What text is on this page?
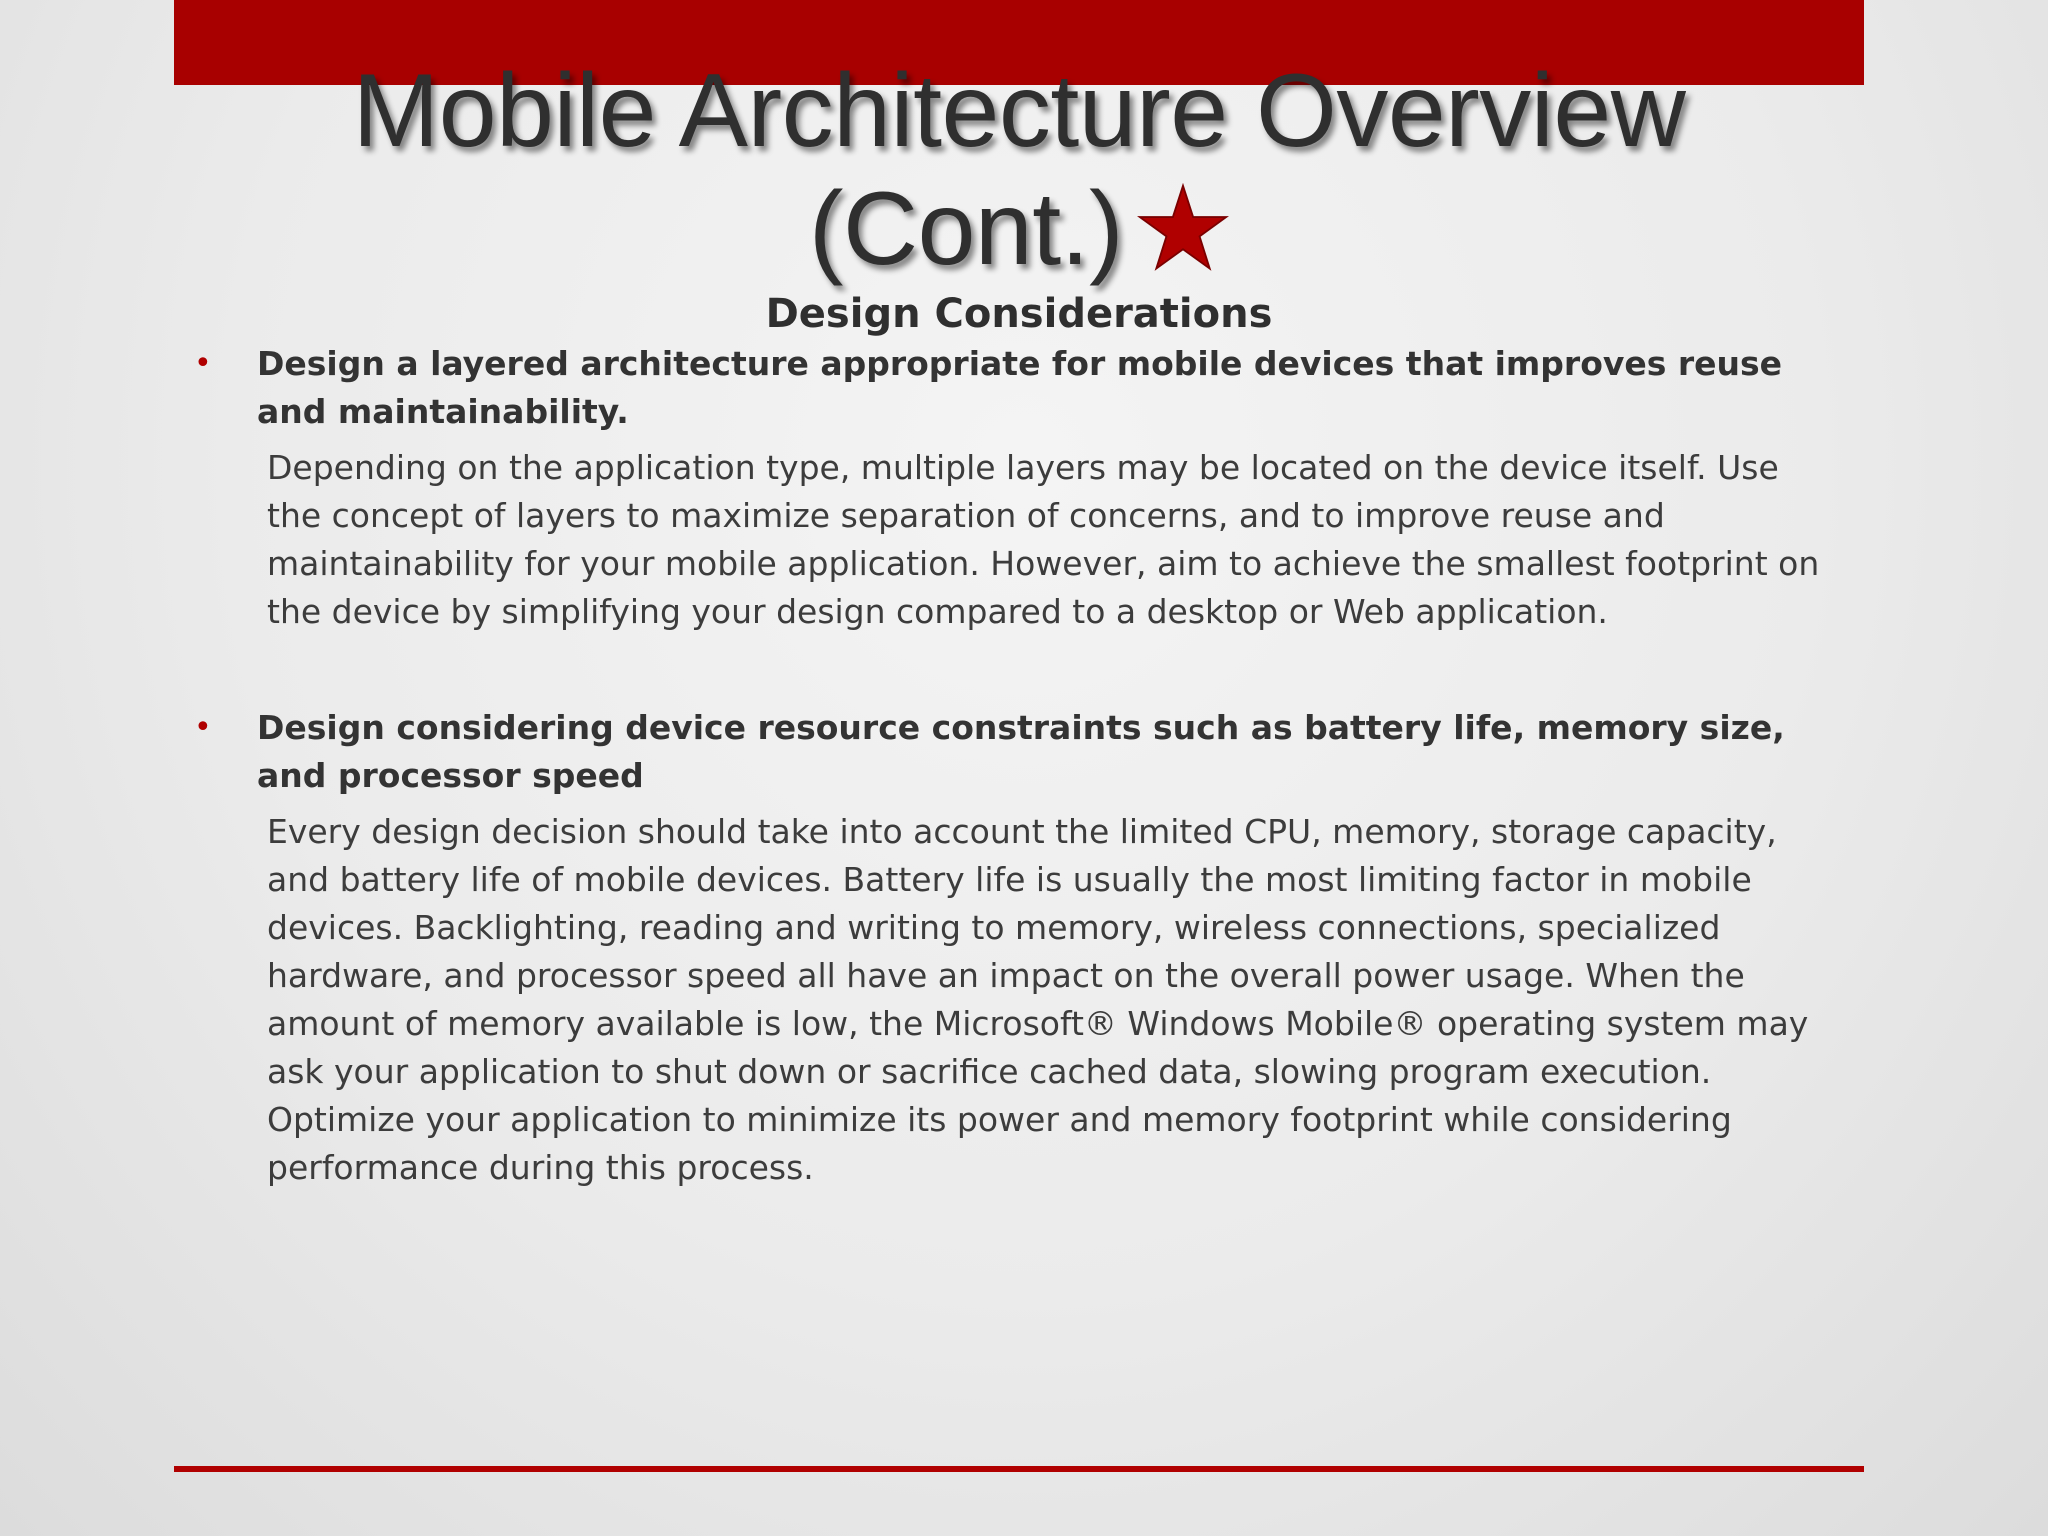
Mobile Architecture Overview
(Cont.)
Design Considerations
• Design a layered architecture appropriate for mobile devices that improves reuse and maintainability.
Depending on the application type, multiple layers may be located on the device itself. Use the concept of layers to maximize separation of concerns, and to improve reuse and maintainability for your mobile application. However, aim to achieve the smallest footprint on the device by simplifying your design compared to a desktop or Web application.
• Design considering device resource constraints such as battery life, memory size, and processor speed
Every design decision should take into account the limited CPU, memory, storage capacity, and battery life of mobile devices. Battery life is usually the most limiting factor in mobile devices. Backlighting, reading and writing to memory, wireless connections, specialized hardware, and processor speed all have an impact on the overall power usage. When the amount of memory available is low, the Microsoft® Windows Mobile® operating system may ask your application to shut down or sacrifice cached data, slowing program execution. Optimize your application to minimize its power and memory footprint while considering performance during this process.
